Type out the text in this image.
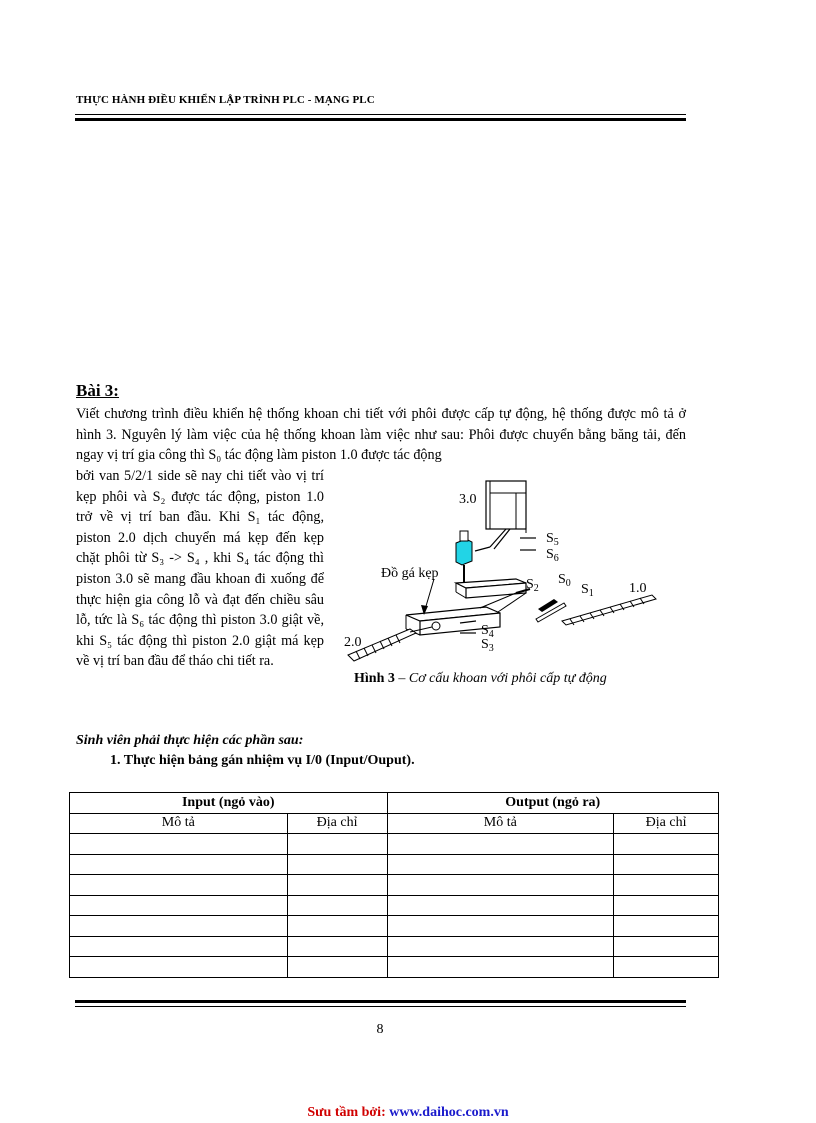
THỰC HÀNH ĐIỀU KHIỂN LẬP TRÌNH PLC - MẠNG PLC
Bài 3:
Viết chương trình điều khiển hệ thống khoan chi tiết với phôi được cấp tự động, hệ thống được mô tả ở hình 3. Nguyên lý làm việc của hệ thống khoan làm việc như sau: Phôi được chuyển bằng băng tải, đến ngay vị trí gia công thì S₀ tác động làm piston 1.0 được tác động
bởi van 5/2/1 side sẽ nay chi tiết vào vị trí kẹp phôi và S₂ được tác động, piston 1.0 trở về vị trí ban đầu. Khi S₁ tác động, piston 2.0 dịch chuyển má kẹp đến kẹp chặt phôi từ S₃ -> S₄ , khi S₄ tác động thì piston 3.0 sẽ mang đầu khoan đi xuống để thực hiện gia công lỗ và đạt đến chiều sâu lỗ, tức là S₆ tác động thì piston 3.0 giật về, khi S₅ tác động thì piston 2.0 giật má kẹp về vị trí ban đầu để tháo chi tiết ra.
3.0
$S_5$
$S_6$
Đồ gá kẹp
$S_2$
$S_0$ $S_1$	1.0
$S_4$
$S_3$
2.0
Hình 3 – Cơ cấu khoan với phôi cấp tự động
Sinh viên phải thực hiện các phần sau:
1. Thực hiện bảng gán nhiệm vụ I/0 (Input/Ouput).
Input (ngỏ vào)		Output (ngỏ ra)	
Mô tả	Địa chỉ	Mô tả	Địa chỉ

8
Sưu tầm bởi: www.daihoc.com.vn
